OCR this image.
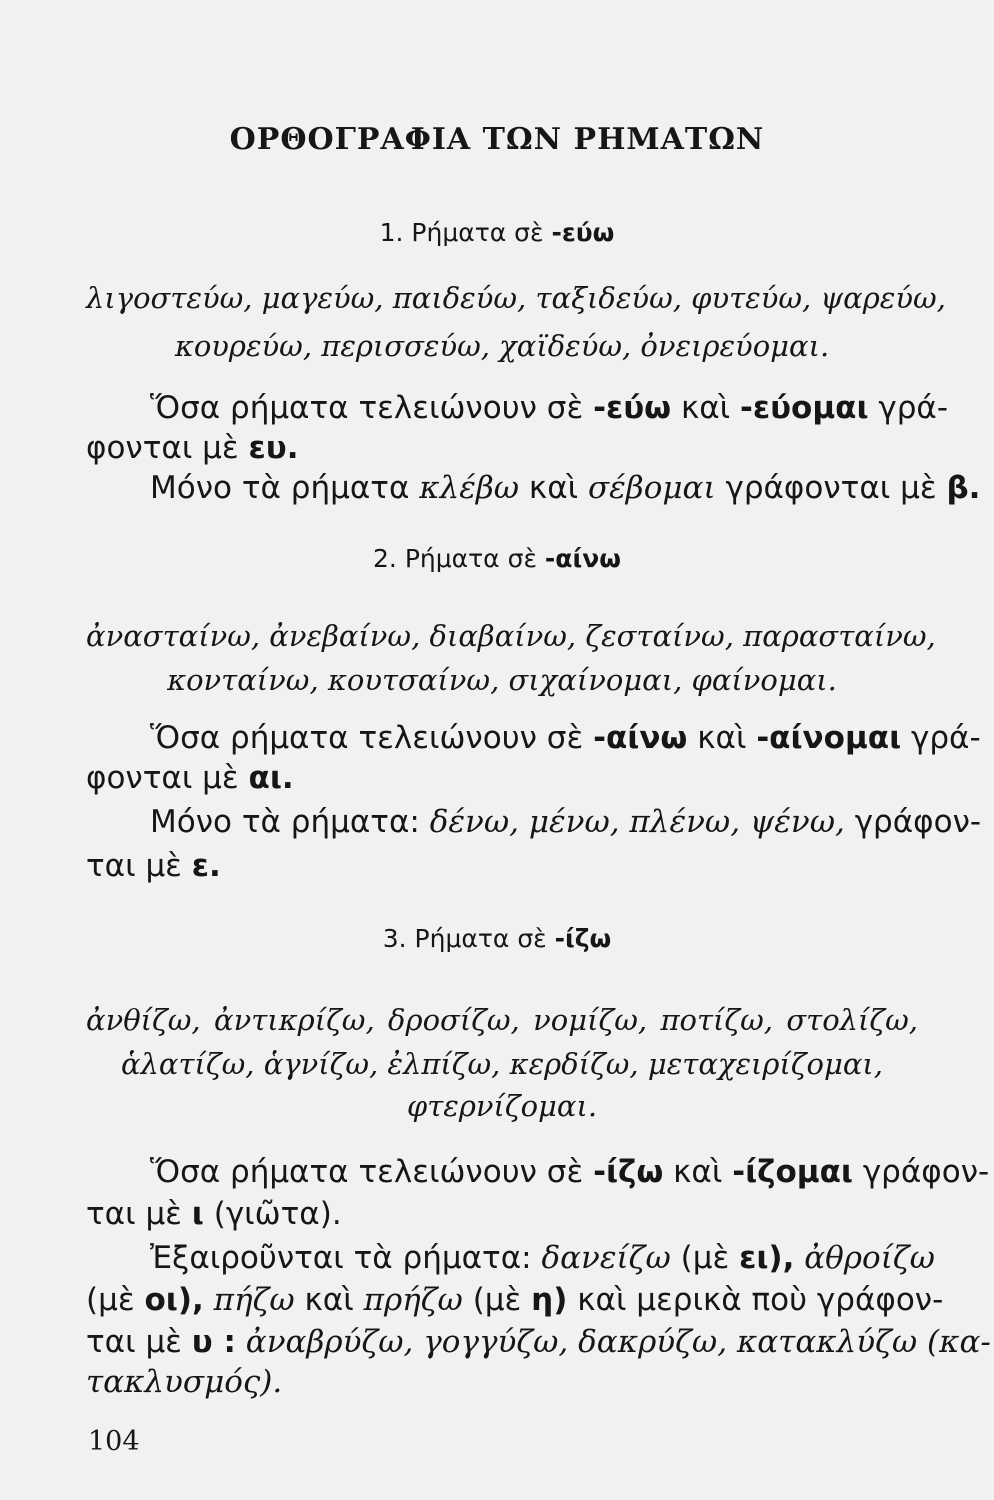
ΟΡΘΟΓΡΑΦΙΑ ΤΩΝ ΡΗΜΑΤΩΝ
1. Ρήματα σὲ -εύω
λιγοστεύω, μαγεύω, παιδεύω, ταξιδεύω, φυτεύω, ψαρεύω,
κουρεύω, περισσεύω, χαϊδεύω, ὀνειρεύομαι.
Ὅσα ρήματα τελειώνουν σὲ -εύω καὶ -εύομαι γρά-
φονται μὲ ευ.
Μόνο τὰ ρήματα κλέβω καὶ σέβομαι γράφονται μὲ β.
2. Ρήματα σὲ -αίνω
ἀνασταίνω, ἀνεβαίνω, διαβαίνω, ζεσταίνω, παρασταίνω,
κονταίνω, κουτσαίνω, σιχαίνομαι, φαίνομαι.
Ὅσα ρήματα τελειώνουν σὲ -αίνω καὶ -αίνομαι γρά-
φονται μὲ αι.
Μόνο τὰ ρήματα: δένω, μένω, πλένω, ψένω, γράφον-
ται μὲ ε.
3. Ρήματα σὲ -ίζω
ἀνθίζω, ἀντικρίζω, δροσίζω, νομίζω, ποτίζω, στολίζω,
ἁλατίζω, ἁγνίζω, ἐλπίζω, κερδίζω, μεταχειρίζομαι,
φτερνίζομαι.
Ὅσα ρήματα τελειώνουν σὲ -ίζω καὶ -ίζομαι γράφον-
ται μὲ ι (γιῶτα).
Ἐξαιροῦνται τὰ ρήματα: δανείζω (μὲ ει), ἀθροίζω
(μὲ οι), πήζω καὶ πρήζω (μὲ η) καὶ μερικὰ ποὺ γράφον-
ται μὲ υ : ἀναβρύζω, γογγύζω, δακρύζω, κατακλύζω (κα-
τακλυσμός).
104
